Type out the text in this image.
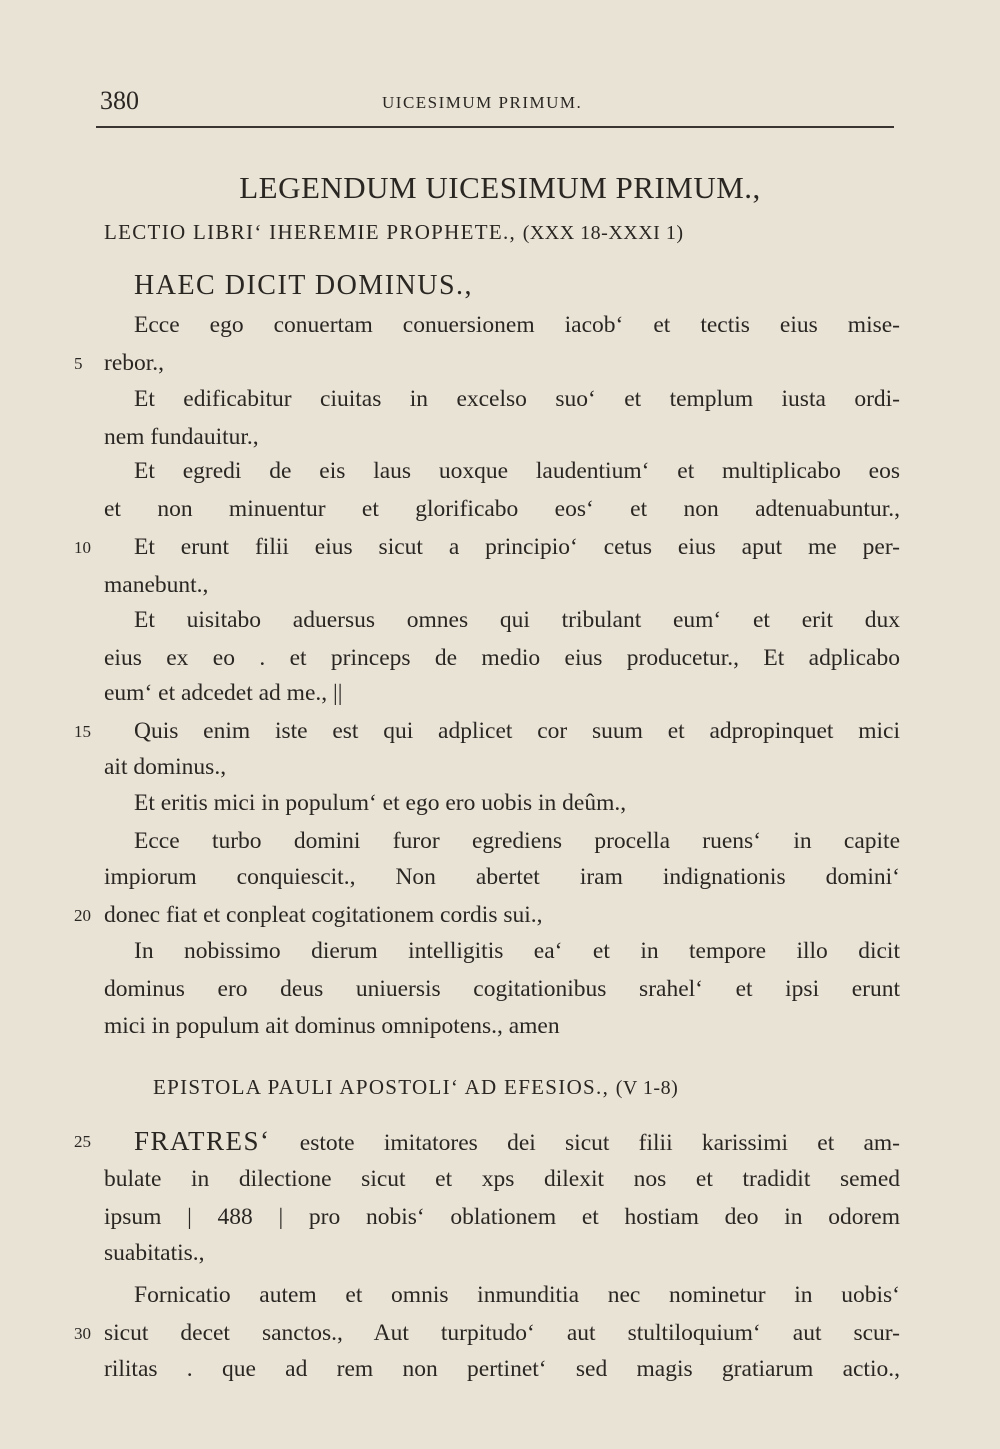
380	UICESIMUM PRIMUM.
LEGENDUM UICESIMUM PRIMUM.,
LECTIO LIBRI‘ IHEREMIE PROPHETE., (XXX 18-XXXI 1)
HAEC DICIT DOMINUS.,
Ecce ego conuertam conuersionem iacob‘ et tectis eius mise-
rebor.,
Et edificabitur ciuitas in excelso suo‘ et templum iusta ordi-
nem fundauitur.,
Et egredi de eis laus uoxque laudentium‘ et multiplicabo eos
et non minuentur et glorificabo eos‘ et non adtenuabuntur.,
Et erunt filii eius sicut a principio‘ cetus eius aput me per-
manebunt.,
Et uisitabo aduersus omnes qui tribulant eum‘ et erit dux
eius ex eo . et princeps de medio eius producetur., Et adplicabo
eum‘ et adcedet ad me., ||
Quis enim iste est qui adplicet cor suum et adpropinquet mici
ait dominus.,
Et eritis mici in populum‘ et ego ero uobis in deûm.,
Ecce turbo domini furor egrediens procella ruens‘ in capite
impiorum conquiescit., Non abertet iram indignationis domini‘
donec fiat et conpleat cogitationem cordis sui.,
In nobissimo dierum intelligitis ea‘ et in tempore illo dicit
dominus ero deus uniuersis cogitationibus srahel‘ et ipsi erunt
mici in populum ait dominus omnipotens., amen
EPISTOLA PAULI APOSTOLI‘ AD EFESIOS., (V 1-8)
FRATRES‘ estote imitatores dei sicut filii karissimi et am-
bulate in dilectione sicut et xps dilexit nos et tradidit semed
ipsum | 488 | pro nobis‘ oblationem et hostiam deo in odorem
suabitatis.,
Fornicatio autem et omnis inmunditia nec nominetur in uobis‘
sicut decet sanctos., Aut turpitudo‘ aut stultiloquium‘ aut scur-
rilitas . que ad rem non pertinet‘ sed magis gratiarum actio.,
5
10
15
20
25
30
